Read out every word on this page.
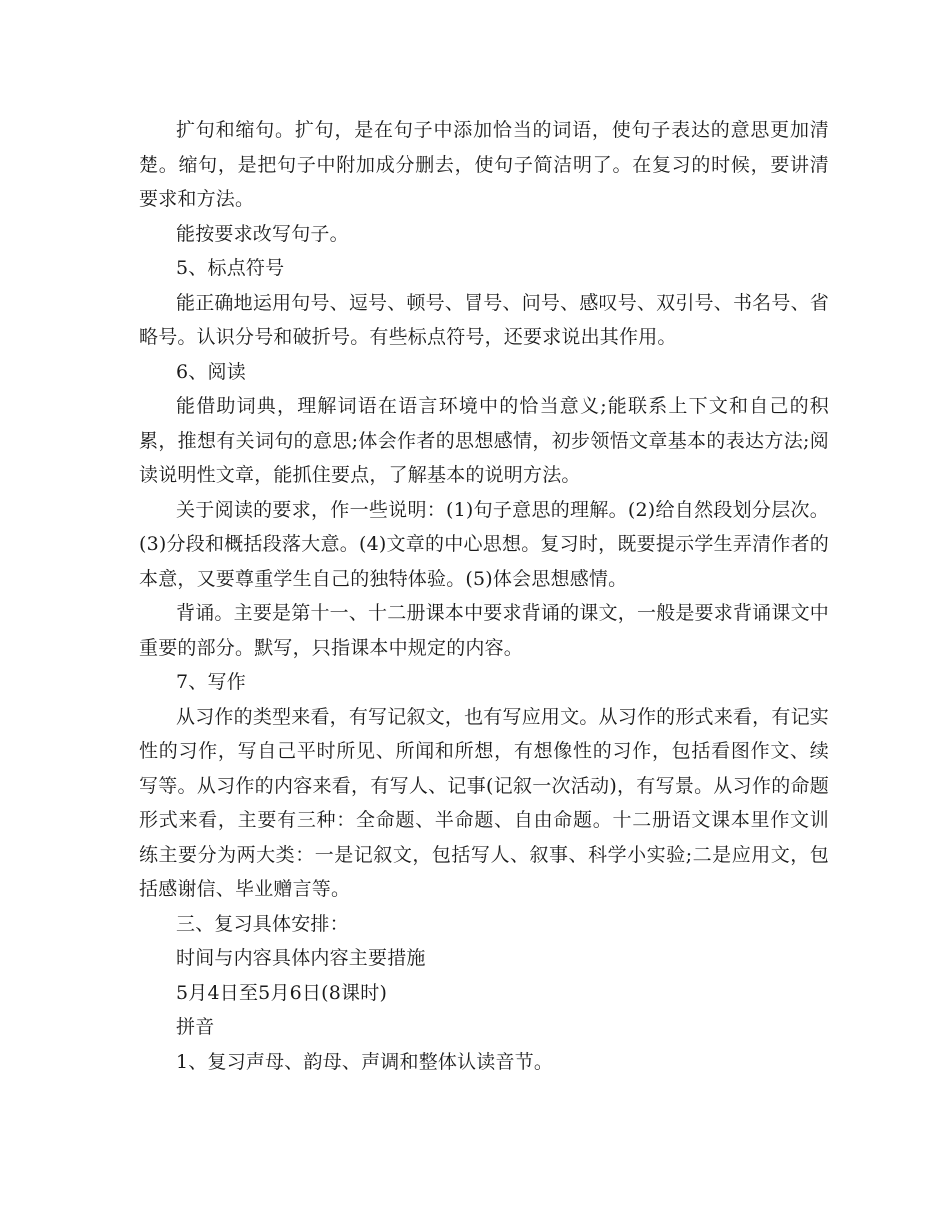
扩句和缩句。扩句，是在句子中添加恰当的词语，使句子表达的意思更加清楚。缩句，是把句子中附加成分删去，使句子简洁明了。在复习的时候，要讲清要求和方法。

能按要求改写句子。

5、标点符号

能正确地运用句号、逗号、顿号、冒号、问号、感叹号、双引号、书名号、省略号。认识分号和破折号。有些标点符号，还要求说出其作用。

6、阅读

能借助词典，理解词语在语言环境中的恰当意义;能联系上下文和自己的积累，推想有关词句的意思;体会作者的思想感情，初步领悟文章基本的表达方法;阅读说明性文章，能抓住要点，了解基本的说明方法。

关于阅读的要求，作一些说明：(1)句子意思的理解。(2)给自然段划分层次。(3)分段和概括段落大意。(4)文章的中心思想。复习时，既要提示学生弄清作者的本意，又要尊重学生自己的独特体验。(5)体会思想感情。

背诵。主要是第十一、十二册课本中要求背诵的课文，一般是要求背诵课文中重要的部分。默写，只指课本中规定的内容。

7、写作

从习作的类型来看，有写记叙文，也有写应用文。从习作的形式来看，有记实性的习作，写自己平时所见、所闻和所想，有想像性的习作，包括看图作文、续写等。从习作的内容来看，有写人、记事(记叙一次活动)，有写景。从习作的命题形式来看，主要有三种：全命题、半命题、自由命题。十二册语文课本里作文训练主要分为两大类：一是记叙文，包括写人、叙事、科学小实验;二是应用文，包括感谢信、毕业赠言等。

三、复习具体安排：

时间与内容具体内容主要措施

5月4日至5月6日(8课时)

拼音

1、复习声母、韵母、声调和整体认读音节。
